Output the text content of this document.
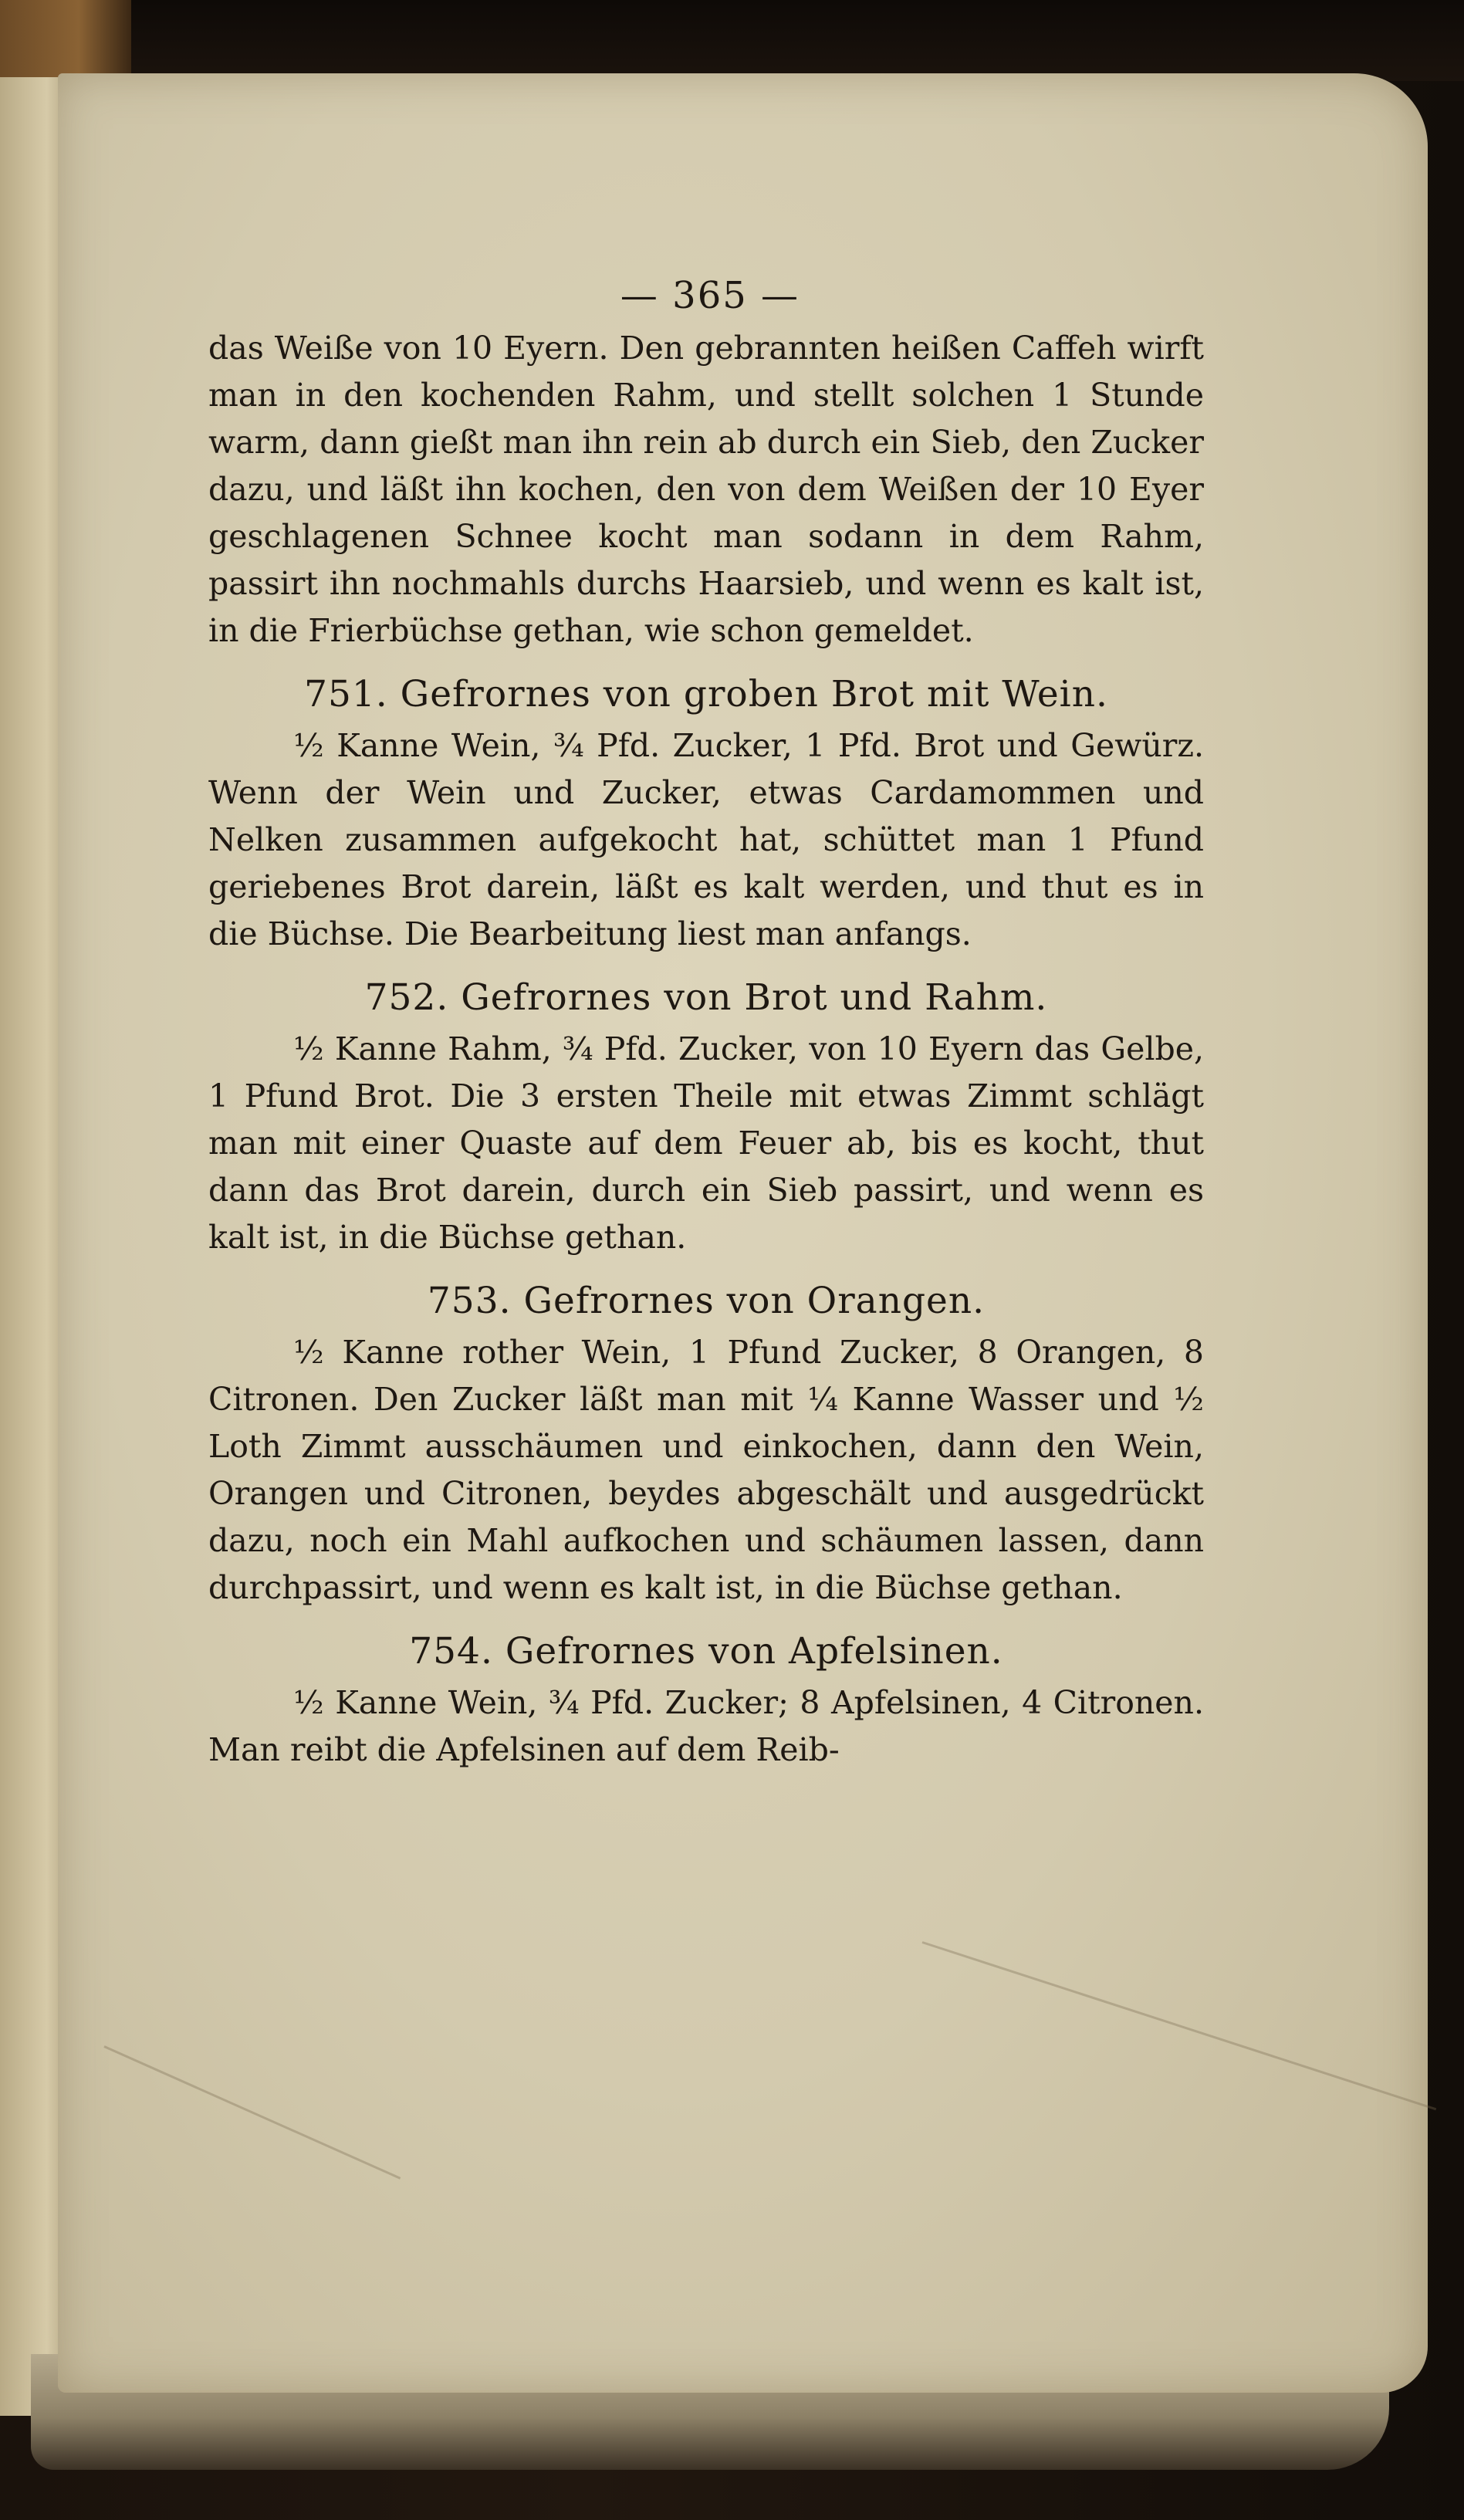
— 365 —

das Weiße von 10 Eyern. Den gebrannten heißen Caffeh wirft man in den kochenden Rahm, und stellt solchen 1 Stunde warm, dann gießt man ihn rein ab durch ein Sieb, den Zucker dazu, und läßt ihn kochen, den von dem Weißen der 10 Eyer geschlagenen Schnee kocht man sodann in dem Rahm, passirt ihn nochmahls durchs Haarsieb, und wenn es kalt ist, in die Frierbüchse gethan, wie schon gemeldet.

751. Gefrornes von groben Brot mit Wein.

½ Kanne Wein, ¾ Pfd. Zucker, 1 Pfd. Brot und Gewürz. Wenn der Wein und Zucker, etwas Cardamommen und Nelken zusammen aufgekocht hat, schüttet man 1 Pfund geriebenes Brot darein, läßt es kalt werden, und thut es in die Büchse. Die Bearbeitung liest man anfangs.

752. Gefrornes von Brot und Rahm.

½ Kanne Rahm, ¾ Pfd. Zucker, von 10 Eyern das Gelbe, 1 Pfund Brot. Die 3 ersten Theile mit etwas Zimmt schlägt man mit einer Quaste auf dem Feuer ab, bis es kocht, thut dann das Brot darein, durch ein Sieb passirt, und wenn es kalt ist, in die Büchse gethan.

753. Gefrornes von Orangen.

½ Kanne rother Wein, 1 Pfund Zucker, 8 Orangen, 8 Citronen. Den Zucker läßt man mit ¼ Kanne Wasser und ½ Loth Zimmt ausschäumen und einkochen, dann den Wein, Orangen und Citronen, beydes abgeschält und ausgedrückt dazu, noch ein Mahl aufkochen und schäumen lassen, dann durchpassirt, und wenn es kalt ist, in die Büchse gethan.

754. Gefrornes von Apfelsinen.

½ Kanne Wein, ¾ Pfd. Zucker; 8 Apfelsinen, 4 Citronen. Man reibt die Apfelsinen auf dem Reib-
